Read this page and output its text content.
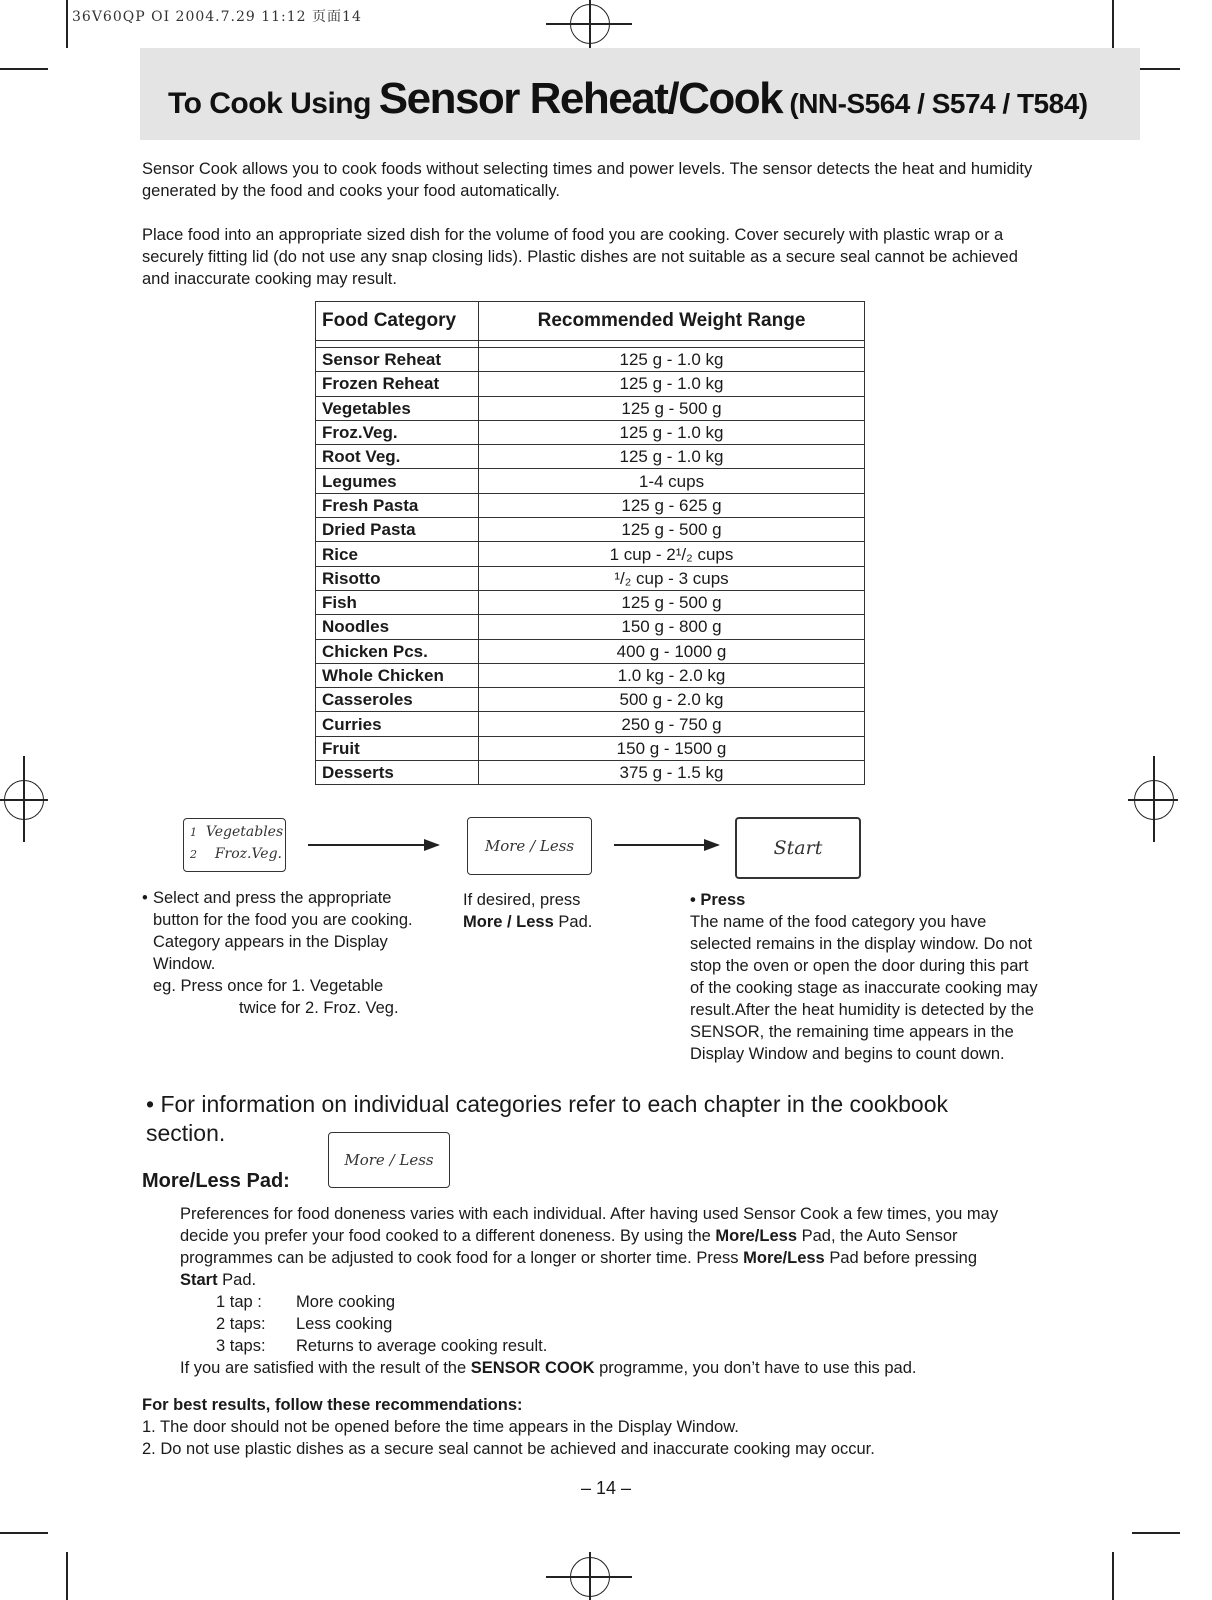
36V60QP OI 2004.7.29 11:12 页面14
To Cook Using Sensor Reheat/Cook (NN-S564 / S574 / T584)

Sensor Cook allows you to cook foods without selecting times and power levels. The sensor detects the heat and humidity generated by the food and cooks your food automatically.

Place food into an appropriate sized dish for the volume of food you are cooking. Cover securely with plastic wrap or a securely fitting lid (do not use any snap closing lids). Plastic dishes are not suitable as a secure seal cannot be achieved and inaccurate cooking may result.

Food Category	Recommended Weight Range

Sensor Reheat	125 g - 1.0 kg
Frozen Reheat	125 g - 1.0 kg
Vegetables	125 g - 500 g
Froz.Veg.	125 g - 1.0 kg
Root Veg.	125 g - 1.0 kg
Legumes	1-4 cups
Fresh Pasta	125 g - 625 g
Dried Pasta	125 g - 500 g
Rice	1 cup - 2¹/₂ cups
Risotto	¹/₂ cup - 3 cups
Fish	125 g - 500 g
Noodles	150 g - 800 g
Chicken Pcs.	400 g - 1000 g
Whole Chicken	1.0 kg - 2.0 kg
Casseroles	500 g - 2.0 kg
Curries	250 g - 750 g
Fruit	150 g - 1500 g
Desserts	375 g - 1.5 kg
1 Vegetables
2 Froz.Veg.	More / Less	Start
• Select and press the appropriate button for the food you are cooking. Category appears in the Display Window.

eg. Press once for 1. Vegetable

twice for 2. Froz. Veg.

If desired, press

More / Less Pad.

• Press

The name of the food category you have selected remains in the display window. Do not stop the oven or open the door during this part of the cooking stage as inaccurate cooking may result.After the heat humidity is detected by the SENSOR, the remaining time appears in the Display Window and begins to count down.

• For information on individual categories refer to each chapter in the cookbook section.
More / Less
More/Less Pad:

Preferences for food doneness varies with each individual. After having used Sensor Cook a few times, you may decide you prefer your food cooked to a different doneness. By using the More/Less Pad, the Auto Sensor programmes can be adjusted to cook food for a longer or shorter time. Press More/Less Pad before pressing Start Pad.

1 tap :	More cooking
2 taps:	Less cooking
3 taps:	Returns to average cooking result.

If you are satisfied with the result of the SENSOR COOK programme, you don’t have to use this pad.

For best results, follow these recommendations:

1. The door should not be opened before the time appears in the Display Window.

2. Do not use plastic dishes as a secure seal cannot be achieved and inaccurate cooking may occur.

– 14 –
